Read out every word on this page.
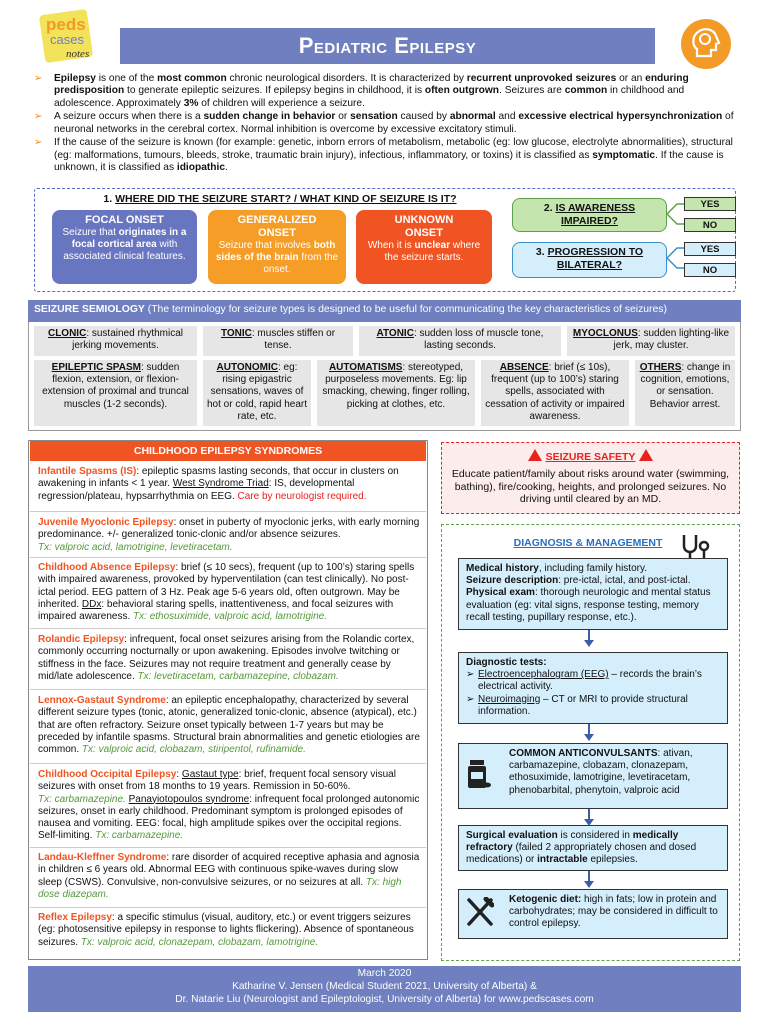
peds
cases
notes	Pediatric Epilepsy
➢ Epilepsy is one of the most common chronic neurological disorders. It is characterized by recurrent unprovoked seizures or an enduring predisposition to generate epileptic seizures. If epilepsy begins in childhood, it is often outgrown. Seizures are common in childhood and adolescence. Approximately 3% of children will experience a seizure.
➢ A seizure occurs when there is a sudden change in behavior or sensation caused by abnormal and excessive electrical hypersynchronization of neuronal networks in the cerebral cortex. Normal inhibition is overcome by excessive excitatory stimuli.
➢ If the cause of the seizure is known (for example: genetic, inborn errors of metabolism, metabolic (eg: low glucose, electrolyte abnormalities), structural (eg: malformations, tumours, bleeds, stroke, traumatic brain injury), infectious, inflammatory, or toxins) it is classified as symptomatic. If the cause is unknown, it is classified as idiopathic.
1. WHERE DID THE SEIZURE START? / WHAT KIND OF SEIZURE IS IT?
FOCAL ONSET
Seizure that originates in a focal cortical area with associated clinical features.
GENERALIZED
ONSET
Seizure that involves both sides of the brain from the onset.
UNKNOWN
ONSET
When it is unclear where the seizure starts.
2. IS AWARENESS
IMPAIRED?
3. PROGRESSION TO
BILATERAL?
YES
NO
YES
NO
SEIZURE SEMIOLOGY (The terminology for seizure types is designed to be useful for communicating the key characteristics of seizures)
CLONIC: sustained rhythmical jerking movements.
TONIC: muscles stiffen or tense.
ATONIC: sudden loss of muscle tone, lasting seconds.
MYOCLONUS: sudden lighting-like jerk, may cluster.
EPILEPTIC SPASM: sudden flexion, extension, or flexion-extension of proximal and truncal muscles (1-2 seconds).
AUTONOMIC: eg: rising epigastric sensations, waves of hot or cold, rapid heart rate, etc.
AUTOMATISMS: stereotyped, purposeless movements. Eg: lip smacking, chewing, finger rolling, picking at clothes, etc.
ABSENCE: brief (≤ 10s), frequent (up to 100’s) staring spells, associated with cessation of activity or impaired awareness.
OTHERS: change in cognition, emotions, or sensation. Behavior arrest.
CHILDHOOD EPILEPSY SYNDROMES
Infantile Spasms (IS): epileptic spasms lasting seconds, that occur in clusters on awakening in infants < 1 year. West Syndrome Triad: IS, developmental regression/plateau, hypsarrhythmia on EEG. Care by neurologist required.
Juvenile Myoclonic Epilepsy: onset in puberty of myoclonic jerks, with early morning predominance. +/- generalized tonic-clonic and/or absence seizures.
Tx: valproic acid, lamotrigine, levetiracetam.
Childhood Absence Epilepsy: brief (≤ 10 secs), frequent (up to 100’s) staring spells with impaired awareness, provoked by hyperventilation (can test clinically). No post-ictal period. EEG pattern of 3 Hz. Peak age 5-6 years old, often outgrown. May be inherited. DDx: behavioral staring spells, inattentiveness, and focal seizures with impaired awareness. Tx: ethosuximide, valproic acid, lamotrigine.
Rolandic Epilepsy: infrequent, focal onset seizures arising from the Rolandic cortex, commonly occurring nocturnally or upon awakening. Episodes involve twitching or stiffness in the face. Seizures may not require treatment and generally cease by mid/late adolescence. Tx: levetiracetam, carbamazepine, clobazam.
Lennox-Gastaut Syndrome: an epileptic encephalopathy, characterized by several different seizure types (tonic, atonic, generalized tonic-clonic, absence (atypical), etc.) that are often refractory. Seizure onset typically between 1-7 years but may be preceded by infantile spasms. Structural brain abnormalities and genetic etiologies are common. Tx: valproic acid, clobazam, stiripentol, rufinamide.
Childhood Occipital Epilepsy: Gastaut type: brief, frequent focal sensory visual seizures with onset from 18 months to 19 years. Remission in 50-60%.
Tx: carbamazepine. Panayiotopoulos syndrome: infrequent focal prolonged autonomic seizures, onset in early childhood. Predominant symptom is prolonged episodes of nausea and vomiting. EEG: focal, high amplitude spikes over the occipital regions. Self-limiting. Tx: carbamazepine.
Landau-Kleffner Syndrome: rare disorder of acquired receptive aphasia and agnosia in children ≤ 6 years old. Abnormal EEG with continuous spike-waves during slow sleep (CSWS). Convulsive, non-convulsive seizures, or no seizures at all. Tx: high dose diazepam.
Reflex Epilepsy: a specific stimulus (visual, auditory, etc.) or event triggers seizures (eg: photosensitive epilepsy in response to lights flickering). Absence of spontaneous seizures. Tx: valproic acid, clonazepam, clobazam, lamotrigine.
SEIZURE SAFETY
Educate patient/family about risks around water (swimming, bathing), fire/cooking, heights, and prolonged seizures. No driving until cleared by an MD.
DIAGNOSIS & MANAGEMENT
Medical history, including family history.
Seizure description: pre-ictal, ictal, and post-ictal.
Physical exam: thorough neurologic and mental status evaluation (eg: vital signs, response testing, memory recall testing, pupillary response, etc.).
Diagnostic tests:
➢ Electroencephalogram (EEG) – records the brain’s electrical activity.
➢ Neuroimaging – CT or MRI to provide structural information.
COMMON ANTICONVULSANTS: ativan, carbamazepine, clobazam, clonazepam, ethosuximide, lamotrigine, levetiracetam, phenobarbital, phenytoin, valproic acid
Surgical evaluation is considered in medically refractory (failed 2 appropriately chosen and dosed medications) or intractable epilepsies.
Ketogenic diet: high in fats; low in protein and carbohydrates; may be considered in difficult to control epilepsy.
March 2020
Katharine V. Jensen (Medical Student 2021, University of Alberta) &
Dr. Natarie Liu (Neurologist and Epileptologist, University of Alberta) for www.pedscases.com
